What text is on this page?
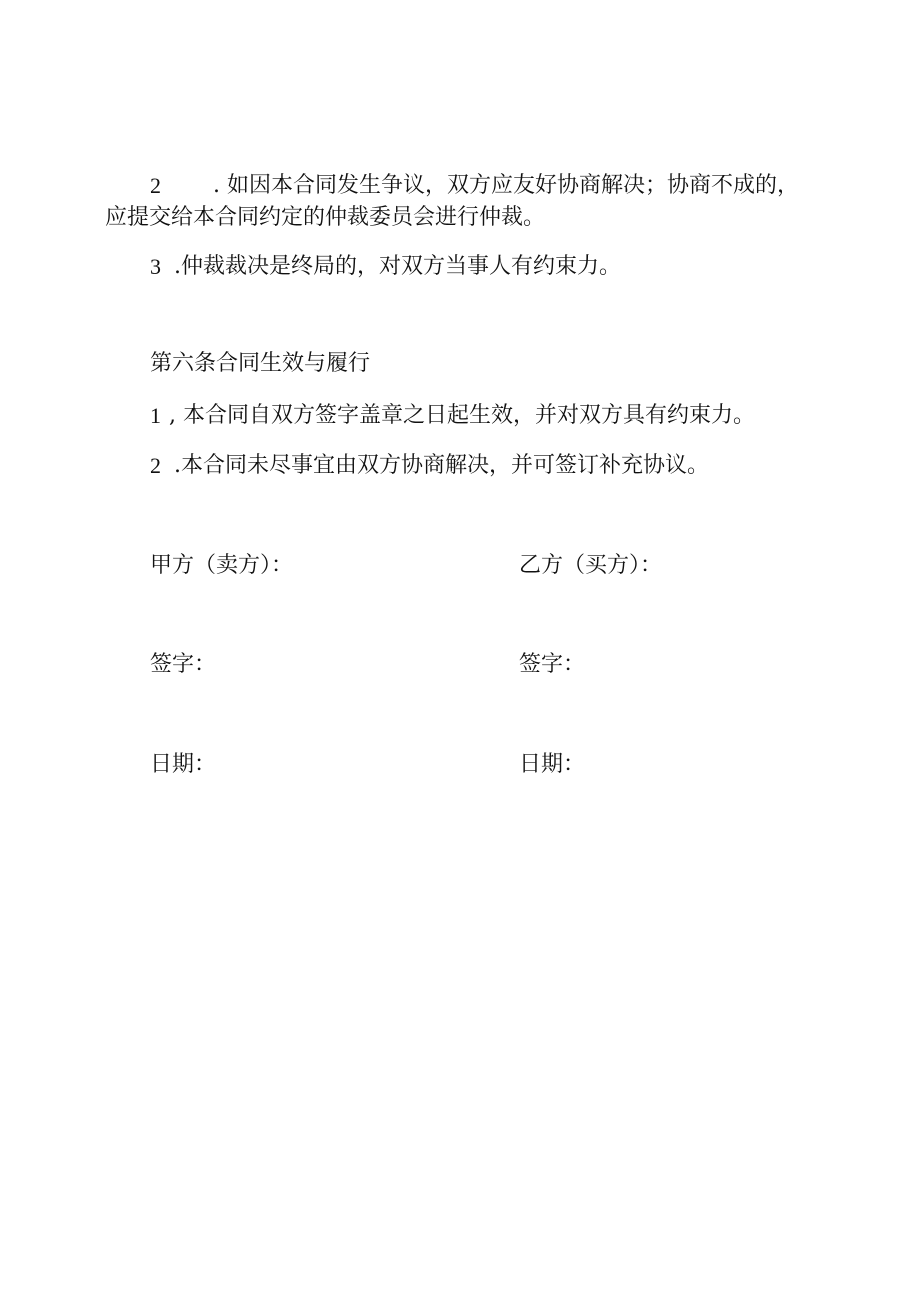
2 . 如因本合同发生争议，双方应友好协商解决；协商不成的，

应提交给本合同约定的仲裁委员会进行仲裁。

3 .仲裁裁决是终局的，对双方当事人有约束力。

第六条合同生效与履行

1 , 本合同自双方签字盖章之日起生效，并对双方具有约束力。

2 .本合同未尽事宜由双方协商解决，并可签订补充协议。

甲方（卖方）：

签字：

日期：

乙方（买方）：

签字：

日期：
